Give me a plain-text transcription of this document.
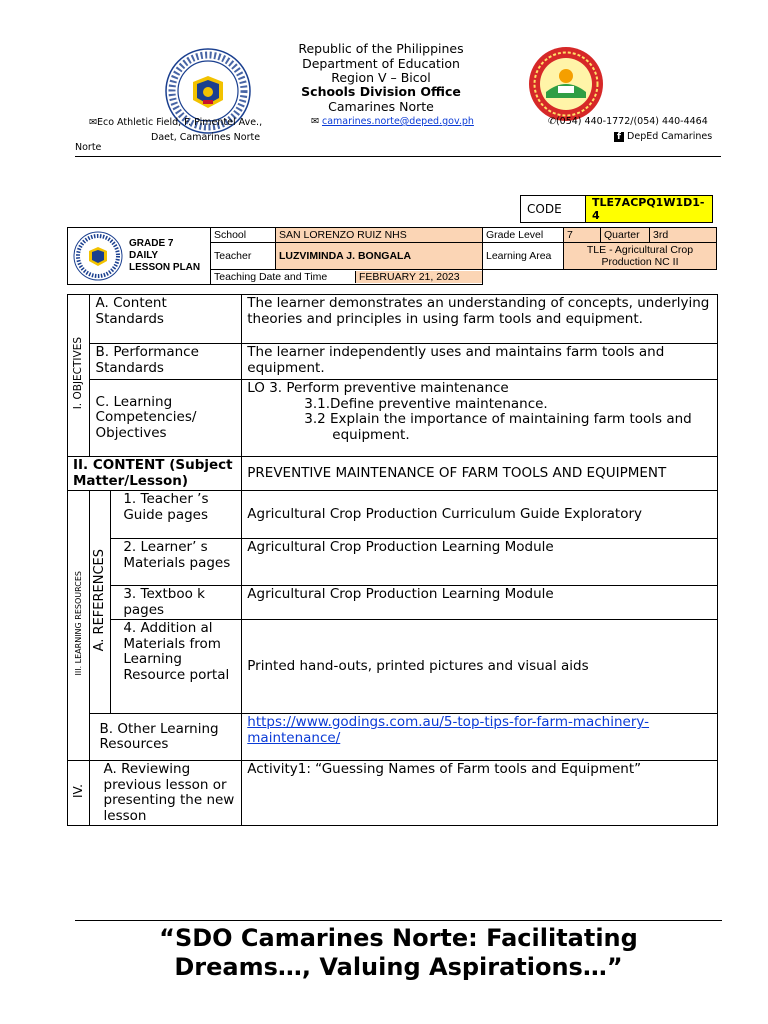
Republic of the Philippines
Department of Education
Region V – Bicol
Schools Division Office
Camarines Norte
✉Eco Athletic Field, F. Pimentel Ave.,
Daet, Camarines Norte
Norte
✉ camarines.norte@deped.gov.ph	✆(054) 440-1772/(054) 440-4464
f DepEd Camarines
CODE	TLE7ACPQ1W1D1-4
GRADE 7
DAILY
LESSON PLAN	School	SAN LORENZO RUIZ NHS	Grade Level	7	Quarter	3rd
	Teacher	LUZVIMINDA J. BONGALA	Learning Area	TLE - Agricultural Crop Production NC II		

	Teaching Date and Time FEBRUARY 21, 2023					

I. OBJECTIVES	A. Content Standards		The learner demonstrates an understanding of concepts, underlying theories and principles in using farm tools and equipment.
	B. Performance Standards		The learner independently uses and maintains farm tools and equipment.
	C. Learning Competencies/ Objectives		LO 3. Perform preventive maintenance
3.1.Define preventive maintenance.
3.2 Explain the importance of maintaining farm tools and
equipment.

II. CONTENT (Subject Matter/Lesson)			PREVENTIVE MAINTENANCE OF FARM TOOLS AND EQUIPMENT
III. LEARNING RESOURCES	A. REFERENCES	1. Teacher ’s Guide pages	Agricultural Crop Production Curriculum Guide Exploratory
		2. Learner’ s Materials pages	Agricultural Crop Production Learning Module
		3. Textboo k pages	Agricultural Crop Production Learning Module
		4. Addition al Materials from Learning Resource portal	Printed hand-outs, printed pictures and visual aids
	B. Other Learning Resources		https://www.godings.com.au/5-top-tips-for-farm-machinery-maintenance/
IV.	A. Reviewing previous lesson or presenting the new lesson		Activity1: “Guessing Names of Farm tools and Equipment”
“SDO Camarines Norte: Facilitating
Dreams…, Valuing Aspirations…”
